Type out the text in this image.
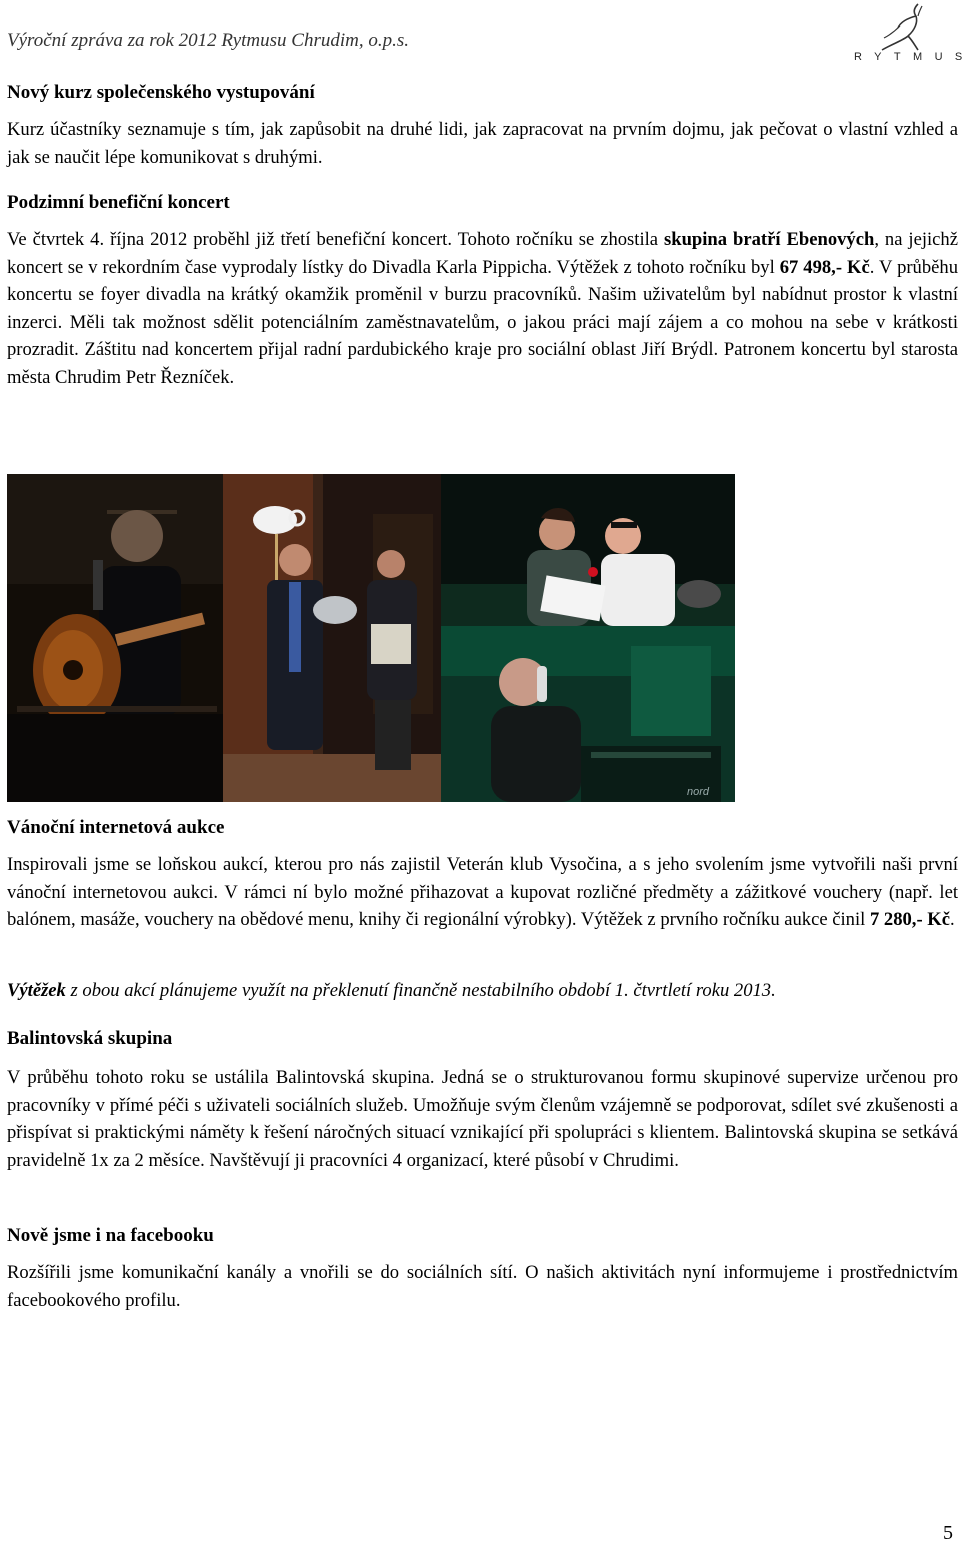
Výroční zpráva za rok 2012 Rytmusu Chrudim, o.p.s.
RYTMUS
Nový kurz společenského vystupování
Kurz účastníky seznamuje s tím, jak zapůsobit na druhé lidi, jak zapracovat na prvním dojmu, jak pečovat o vlastní vzhled a jak se naučit lépe komunikovat s druhými.
Podzimní benefiční koncert
Ve čtvrtek 4. října 2012 proběhl již třetí benefiční koncert. Tohoto ročníku se zhostila skupina bratří Ebenových, na jejichž koncert se v rekordním čase vyprodaly lístky do Divadla Karla Pippicha. Výtěžek z tohoto ročníku byl 67 498,- Kč. V průběhu koncertu se foyer divadla na krátký okamžik proměnil v burzu pracovníků. Našim uživatelům byl nabídnut prostor k vlastní inzerci. Měli tak možnost sdělit potenciálním zaměstnavatelům, o jakou práci mají zájem a co mohou na sebe v krátkosti prozradit. Záštitu nad koncertem přijal radní pardubického kraje pro sociální oblast Jiří Brýdl. Patronem koncertu byl starosta města Chrudim Petr Řezníček.
nord
Vánoční internetová aukce
Inspirovali jsme se loňskou aukcí, kterou pro nás zajistil Veterán klub Vysočina, a s jeho svolením jsme vytvořili naši první vánoční internetovou aukci. V rámci ní bylo možné přihazovat a kupovat rozličné předměty a zážitkové vouchery (např. let balónem, masáže, vouchery na obědové menu, knihy či regionální výrobky). Výtěžek z prvního ročníku aukce činil 7 280,- Kč.
Výtěžek z obou akcí plánujeme využít na překlenutí finančně nestabilního období 1. čtvrtletí roku 2013.
Balintovská skupina
V průběhu tohoto roku se ustálila Balintovská skupina. Jedná se o strukturovanou formu skupinové supervize určenou pro pracovníky v přímé péči s uživateli sociálních služeb. Umožňuje svým členům vzájemně se podporovat, sdílet své zkušenosti a přispívat si praktickými náměty k řešení náročných situací vznikající při spolupráci s klientem. Balintovská skupina se setkává pravidelně 1x za 2 měsíce. Navštěvují ji pracovníci 4 organizací, které působí v Chrudimi.
Nově jsme i na facebooku
Rozšířili jsme komunikační kanály a vnořili se do sociálních sítí. O našich aktivitách nyní informujeme i prostřednictvím facebookového profilu.
5
